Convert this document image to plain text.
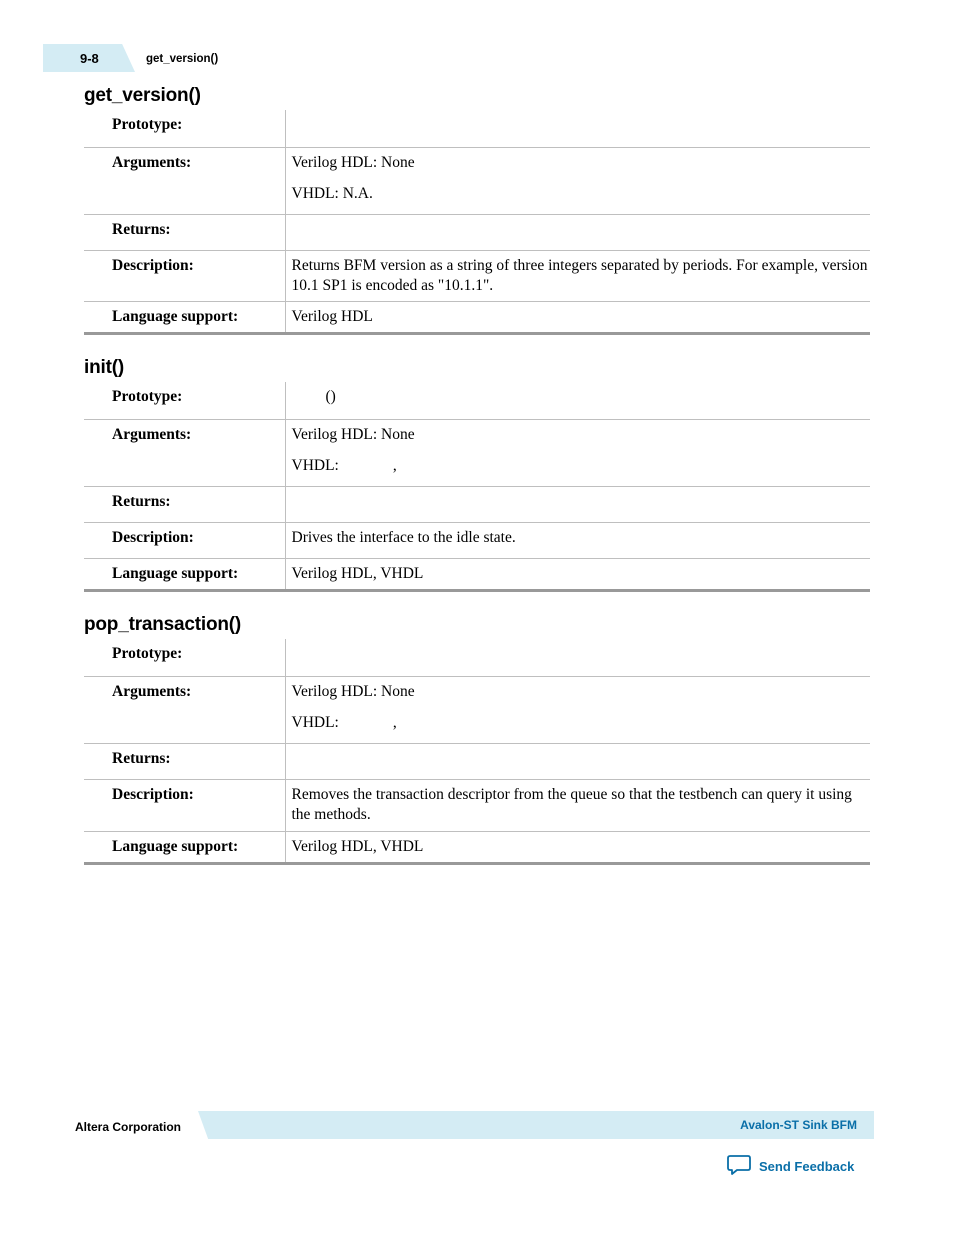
9-8	get_version()
get_version()
Prototype:	

Arguments:	Verilog HDL: None

VHDL: N.A.

Returns:	

Description:	Returns BFM version as a string of three integers separated by periods. For example, version 10.1 SP1 is encoded as "10.1.1".

Language support:	Verilog HDL

init()
Prototype:	()

Arguments:	Verilog HDL: None

VHDL: ,

Returns:	

Description:	Drives the interface to the idle state.

Language support:	Verilog HDL, VHDL

pop_transaction()
Prototype:	

Arguments:	Verilog HDL: None

VHDL: ,

Returns:	

Description:	Removes the transaction descriptor from the queue so that the testbench can query it using the methods.

Language support:	Verilog HDL, VHDL

Altera Corporation	Avalon-ST Sink BFM
Send Feedback
